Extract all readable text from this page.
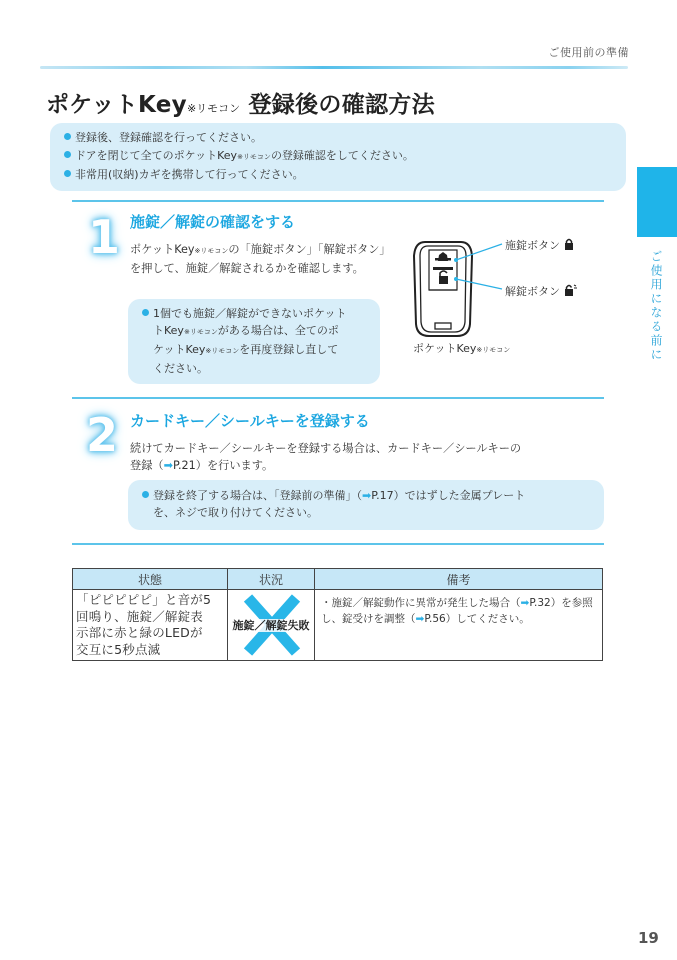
ご使用前の準備
ポケットKey※リモコン 登録後の確認方法
登録後、登録確認を行ってください。
ドアを閉じて全てのポケットKey※リモコンの登録確認をしてください。
非常用(収納)カギを携帯して行ってください。
ご使用になる前に
1 施錠／解錠の確認をする
ポケットKey※リモコンの「施錠ボタン」「解錠ボタン」を押して、施錠／解錠されるかを確認します。
1個でも施錠／解錠ができないポケット
トKey※リモコンがある場合は、全てのポ
ケットKey※リモコンを再度登録し直して
ください。
施錠ボタン
解錠ボタン
ポケットKey※リモコン
2 カードキー／シールキーを登録する
続けてカードキー／シールキーを登録する場合は、カードキー／シールキーの
登録（➡P.21）を行います。
登録を終了する場合は、「登録前の準備」（➡P.17）ではずした金属プレート
を、ネジで取り付けてください。
状態	状況	備考
「ピピピピピ」と音が5
回鳴り、施錠／解錠表
示部に赤と緑のLEDが
交互に5秒点滅	施錠／解錠失敗	・施錠／解錠動作に異常が発生した場合（➡P.32）を参照し、錠受けを調整（➡P.56）してください。
19
